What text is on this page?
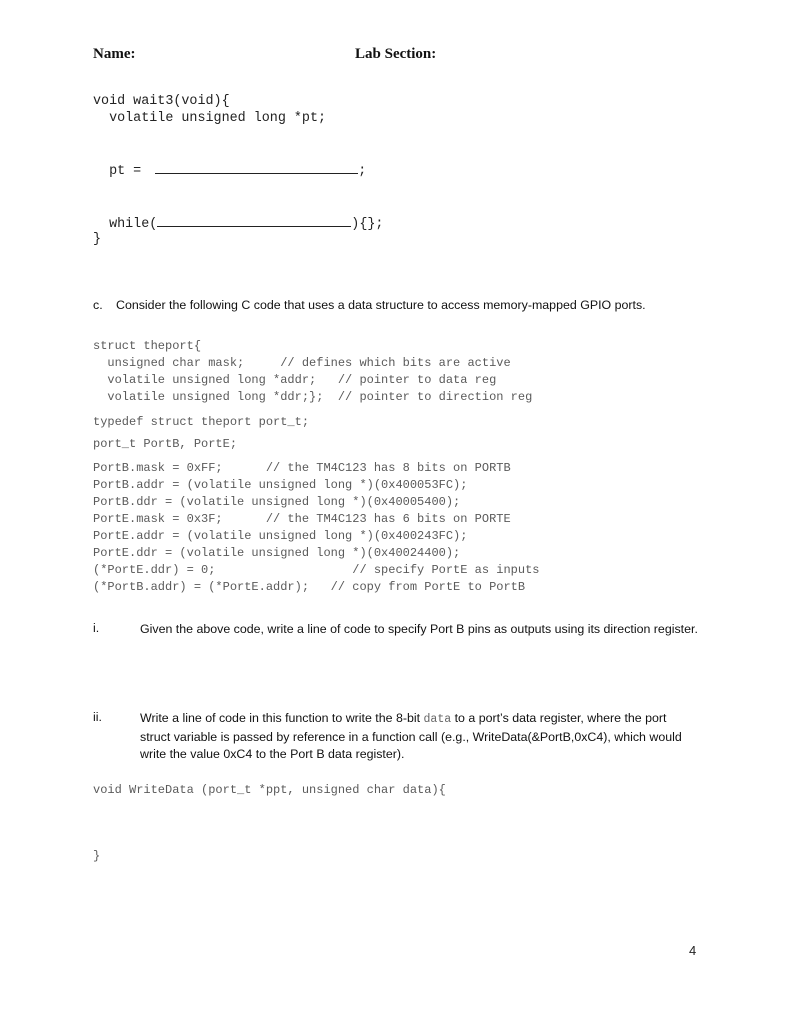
Name:	Lab Section:
void wait3(void){
volatile unsigned long *pt;
pt =	;
while(	){};
}
c. Consider the following C code that uses a data structure to access memory-mapped GPIO ports.
struct theport{
unsigned char mask;     // defines which bits are active
volatile unsigned long *addr;   // pointer to data reg
volatile unsigned long *ddr;};  // pointer to direction reg
typedef struct theport port_t;
port_t PortB, PortE;
PortB.mask = 0xFF;      // the TM4C123 has 8 bits on PORTB
PortB.addr = (volatile unsigned long *)(0x400053FC);
PortB.ddr = (volatile unsigned long *)(0x40005400);
PortE.mask = 0x3F;      // the TM4C123 has 6 bits on PORTE
PortE.addr = (volatile unsigned long *)(0x400243FC);
PortE.ddr = (volatile unsigned long *)(0x40024400);
(*PortE.ddr) = 0;                   // specify PortE as inputs
(*PortB.addr) = (*PortE.addr);   // copy from PortE to PortB
i.	Given the above code, write a line of code to specify Port B pins as outputs using its direction register.
ii.	Write a line of code in this function to write the 8-bit data to a port’s data register, where the port struct variable is passed by reference in a function call (e.g., WriteData(&PortB,0xC4), which would write the value 0xC4 to the Port B data register).
void WriteData (port_t *ppt, unsigned char data){
}
4
